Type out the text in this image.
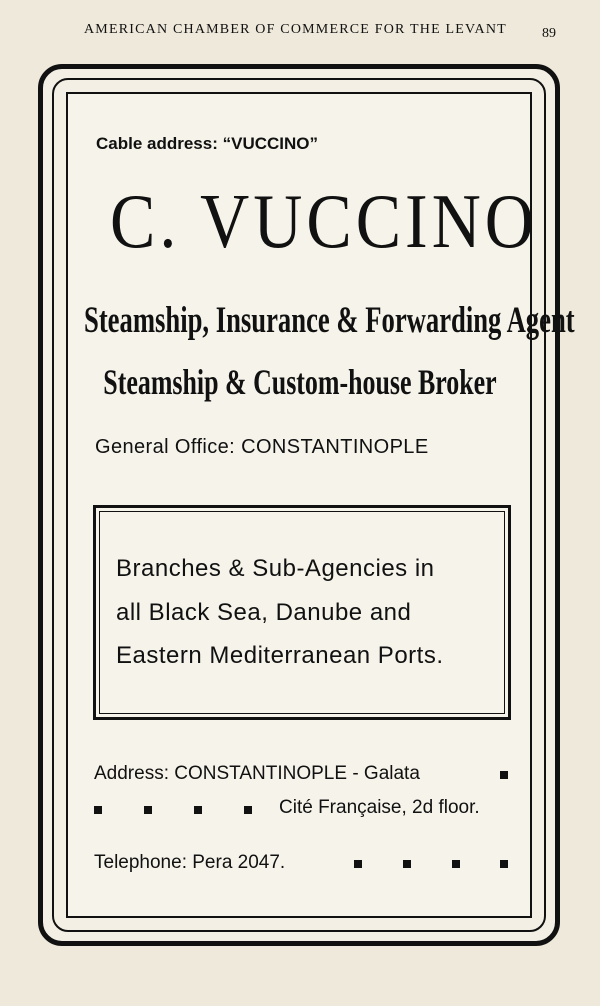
AMERICAN CHAMBER OF COMMERCE FOR THE LEVANT	89
Cable address: “VUCCINO”
C. VUCCINO
Steamship, Insurance & Forwarding Agent
Steamship & Custom-house Broker
General Office: CONSTANTINOPLE
Branches & Sub-Agencies in
all Black Sea, Danube and
Eastern Mediterranean Ports.
Address: CONSTANTINOPLE - Galata
Cité Française, 2d floor.
Telephone: Pera 2047.
